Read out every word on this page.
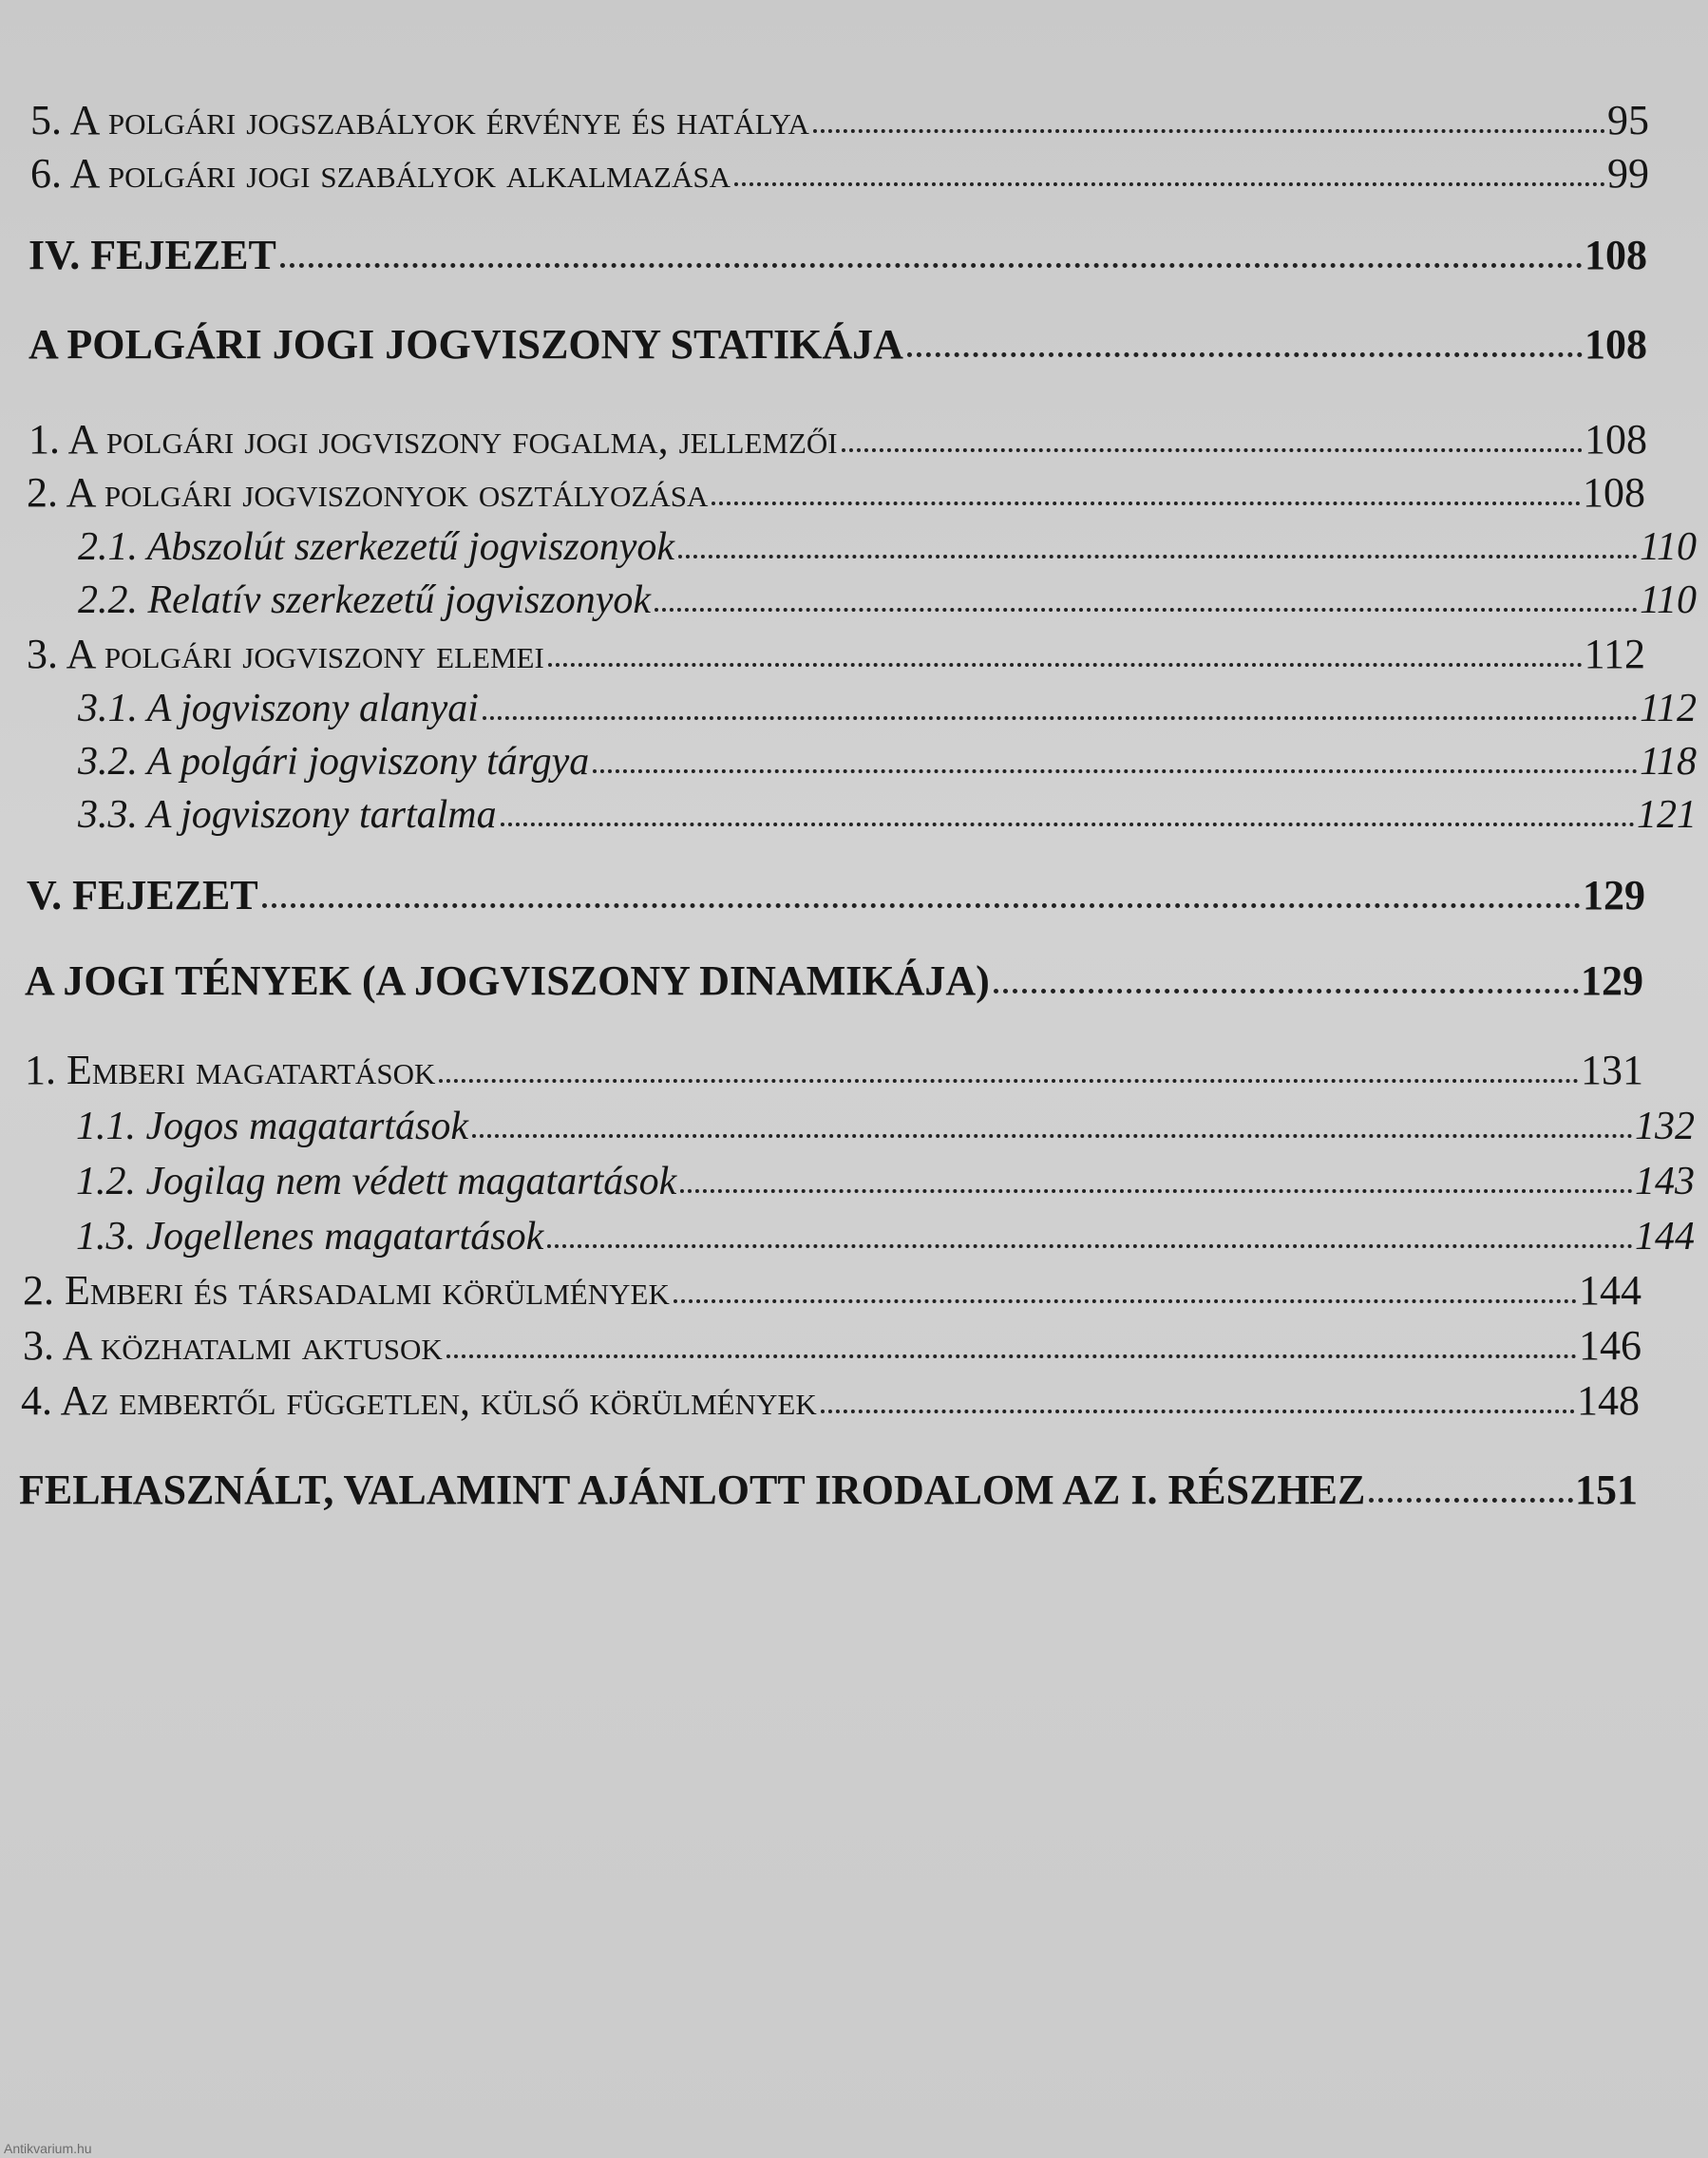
5. A polgári jogszabályok érvénye és hatálya	95
6. A polgári jogi szabályok alkalmazása	99
IV. FEJEZET	108
A POLGÁRI JOGI JOGVISZONY STATIKÁJA	108
1. A polgári jogi jogviszony fogalma, jellemzői	108
2. A polgári jogviszonyok osztályozása	108
2.1. Abszolút szerkezetű jogviszonyok	110
2.2. Relatív szerkezetű jogviszonyok	110
3. A polgári jogviszony elemei	112
3.1. A jogviszony alanyai	112
3.2. A polgári jogviszony tárgya	118
3.3. A jogviszony tartalma	121
V. FEJEZET	129
A JOGI TÉNYEK (A JOGVISZONY DINAMIKÁJA)	129
1. Emberi magatartások	131
1.1. Jogos magatartások	132
1.2. Jogilag nem védett magatartások	143
1.3. Jogellenes magatartások	144
2. Emberi és társadalmi körülmények	144
3. A közhatalmi aktusok	146
4. Az embertől független, külső körülmények	148
FELHASZNÁLT, VALAMINT AJÁNLOTT IRODALOM AZ I. RÉSZHEZ	151
Antikvarium.hu
